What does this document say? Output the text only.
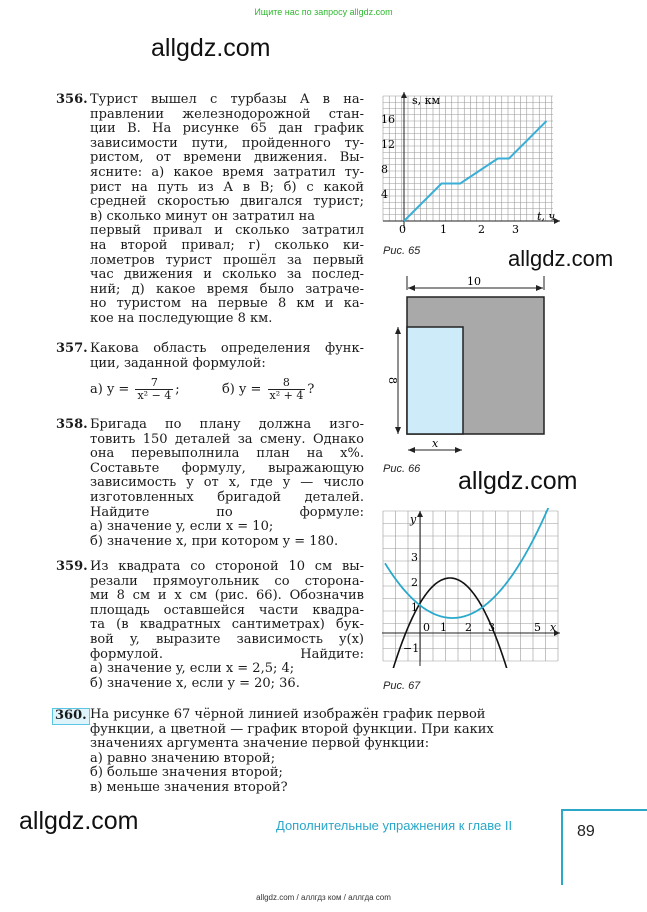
Ищите нас по запросу allgdz.com
allgdz.com
allgdz.com
allgdz.com
allgdz.com
356. Турист вышел с турбазы A в на-
правлении железнодорожной стан-
ции B. На рисунке 65 дан график
зависимости пути, пройденного ту-
ристом, от времени движения. Вы-
ясните: а) какое время затратил ту-
рист на путь из A в B; б) с какой
средней скоростью двигался турист;
в) сколько минут он затратил на
первый привал и сколько затратил
на второй привал; г) сколько ки-
лометров турист прошёл за первый
час движения и сколько за послед-
ний; д) какое время было затраче-
но туристом на первые 8 км и ка-
кое на последующие 8 км.
357. Какова область определения функ-
ции, заданной формулой:
а) $y = \frac{7}{\text{x² − 4}}$ ;	б) $y = \frac{8}{\text{x² + 4}}$ ?
358. Бригада по плану должна изго-
товить 150 деталей за смену. Однако
она перевыполнила план на x%.
Составьте формулу, выражающую
зависимость y от x, где y — число
изготовленных бригадой деталей.
Найдите по формуле:
а) значение y, если x = 10;
б) значение x, при котором y = 180.
359. Из квадрата со стороной 10 см вы-
резали прямоугольник со сторона-
ми 8 см и x см (рис. 66). Обозначив
площадь оставшейся части квадра-
та (в квадратных сантиметрах) бук-
вой y, выразите зависимость y(x)
формулой. Найдите:
а) значение y, если x = 2,5; 4;
б) значение x, если y = 20; 36.
360. На рисунке 67 чёрной линией изображён график первой
функции, а цветной — график второй функции. При каких
значениях аргумента значение первой функции:
а) равно значению второй;
б) больше значения второй;
в) меньше значения второй?
s, км
t, ч
4
8
12
16
0	1	2 3
Рис. 65
10
8
x
Рис. 66
y
x
3
2
1
−1
0 1 2 3	5
Рис. 67
Дополнительные упражнения к главе II	89
allgdz.com / аллгдз ком / аллгда com
